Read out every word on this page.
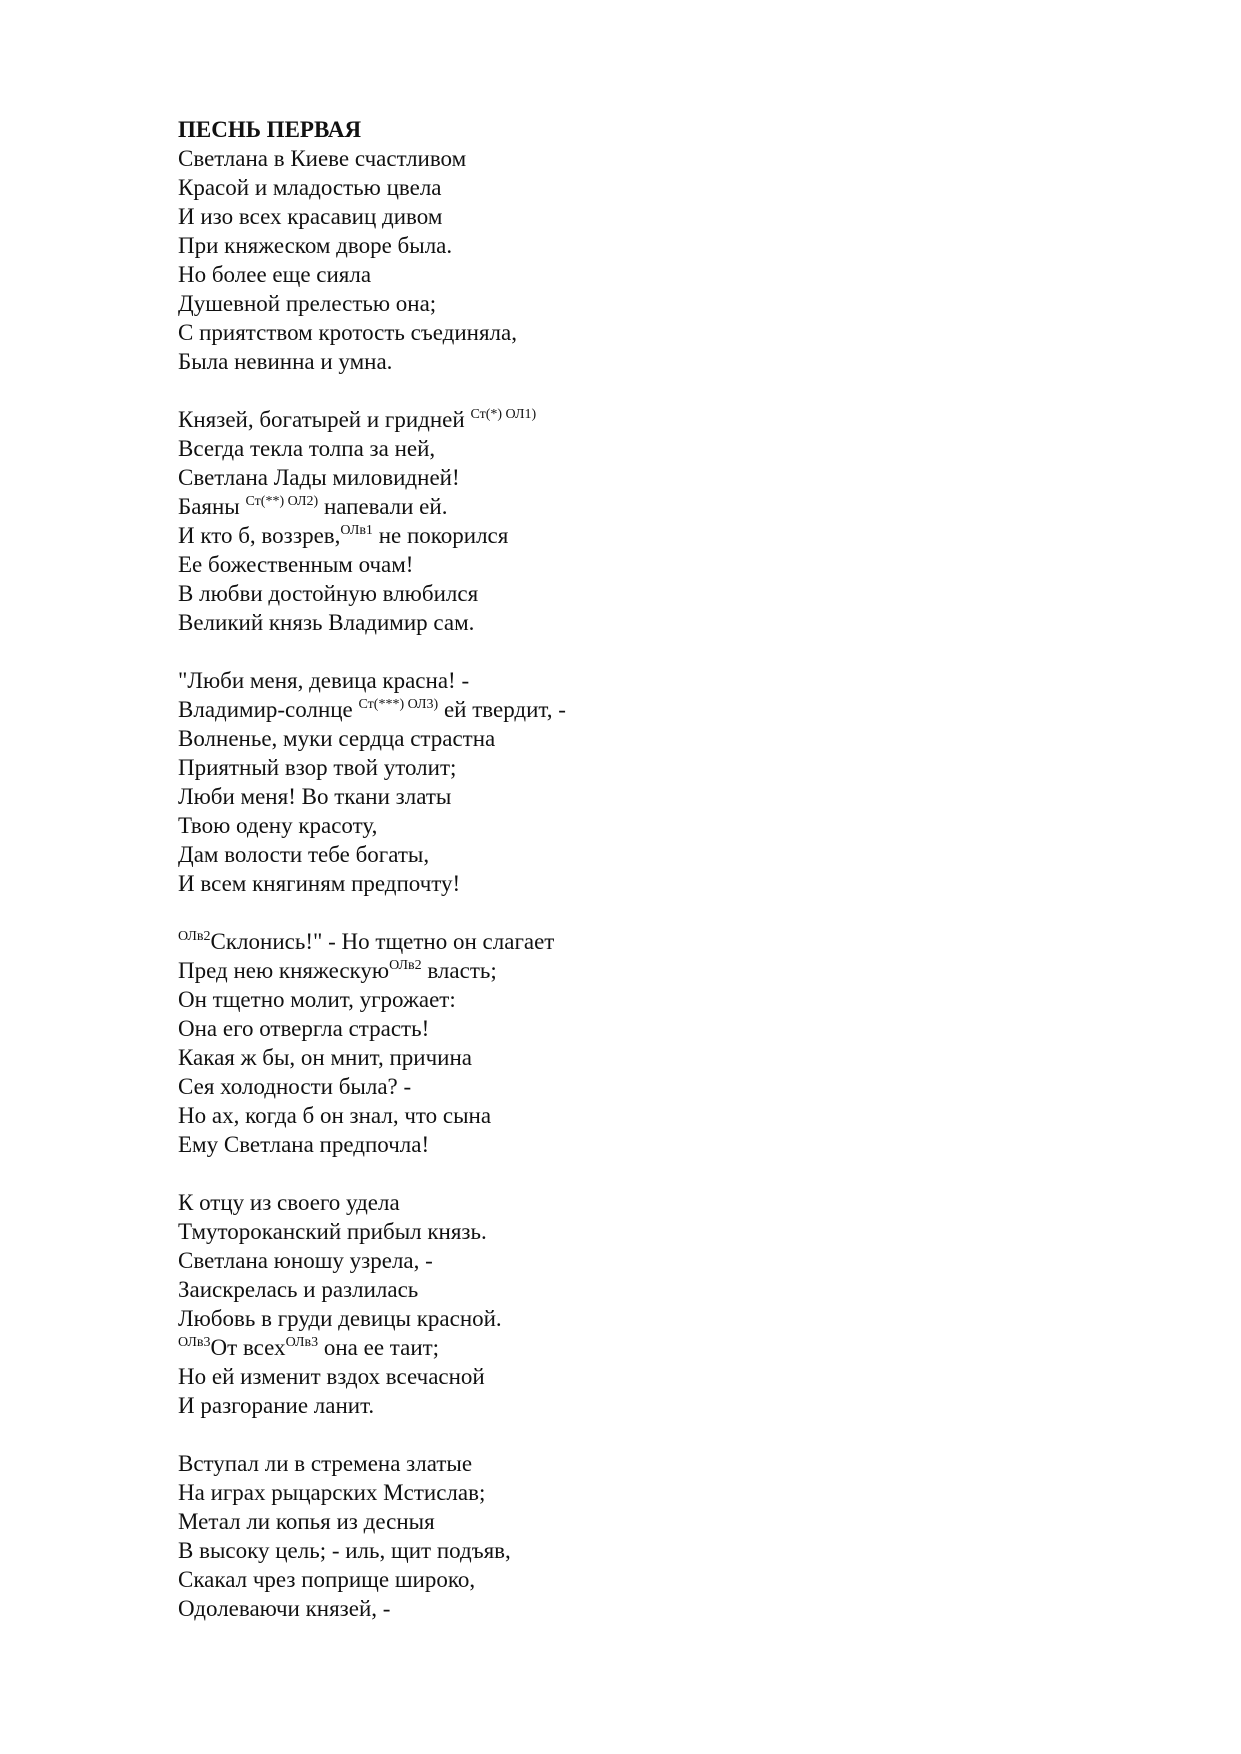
ПЕСНЬ ПЕРВАЯ
Светлана в Киеве счастливом
Красой и младостью цвела
И изо всех красавиц дивом
При княжеском дворе была.
Но более еще сияла
Душевной прелестью она;
С приятством кротость съединяла,
Была невинна и умна.
Князей, богатырей и гридней $^{Ст(*) ОЛ1)}$
Всегда текла толпа за ней,
Светлана Лады миловидней!
Баяны $^{Ст(**) ОЛ2)}$ напевали ей.
И кто б, воззрев,$^{ОЛв1}$ не покорился
Ее божественным очам!
В любви достойную влюбился
Великий князь Владимир сам.
"Люби меня, девица красна! -
Владимир-солнце $^{Ст(***) ОЛ3)}$ ей твердит, -
Волненье, муки сердца страстна
Приятный взор твой утолит;
Люби меня! Во ткани златы
Твою одену красоту,
Дам волости тебе богаты,
И всем княгиням предпочту!
$^{ОЛв2}$Склонись!" - Но тщетно он слагает
Пред нею княжескую$^{ОЛв2}$ власть;
Он тщетно молит, угрожает:
Она его отвергла страсть!
Какая ж бы, он мнит, причина
Сея холодности была? -
Но ах, когда б он знал, что сына
Ему Светлана предпочла!
К отцу из своего удела
Тмутороканский прибыл князь.
Светлана юношу узрела, -
Заискрелась и разлилась
Любовь в груди девицы красной.
$^{ОЛв3}$От всех$^{ОЛв3}$ она ее таит;
Но ей изменит вздох всечасной
И разгорание ланит.
Вступал ли в стремена златые
На играх рыцарских Мстислав;
Метал ли копья из десныя
В высоку цель; - иль, щит подъяв,
Скакал чрез поприще широко,
Одолеваючи князей, -
